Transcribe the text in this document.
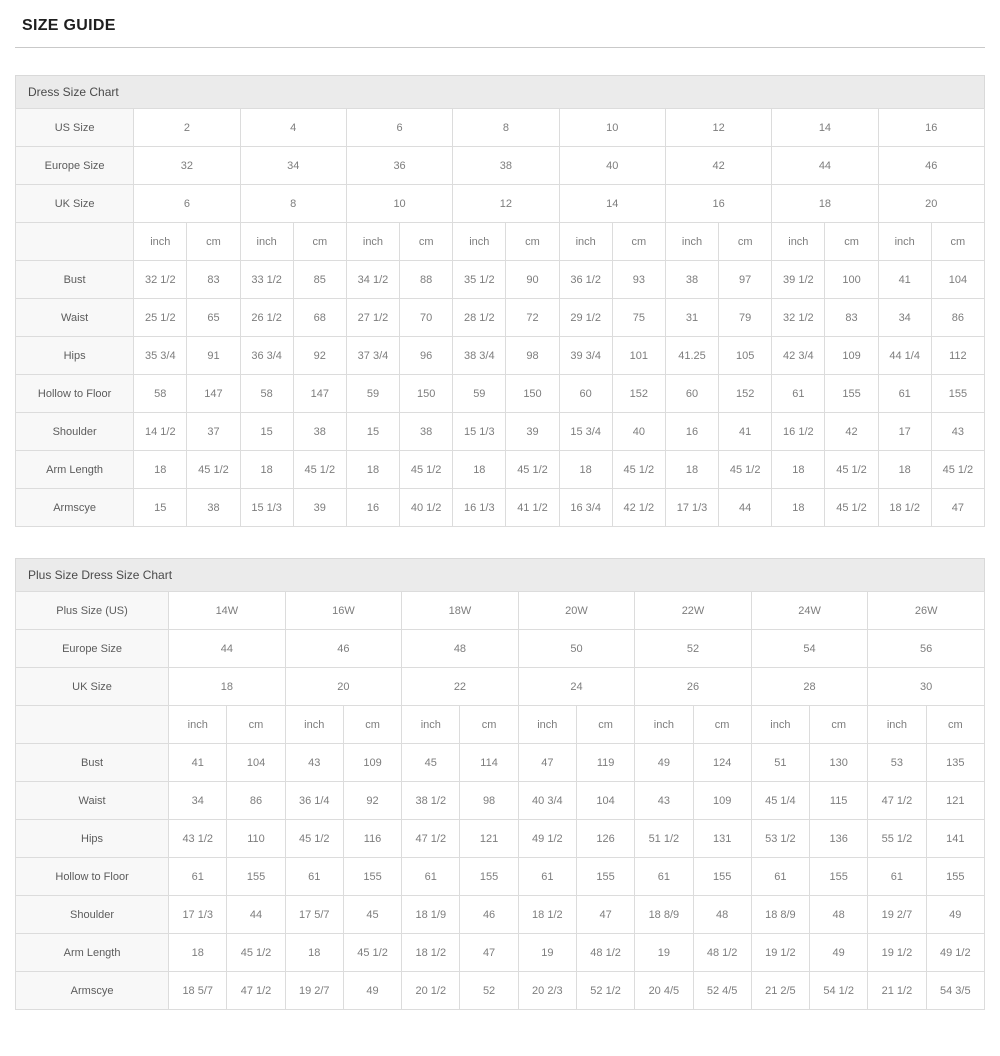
SIZE GUIDE
Dress Size Chart
US Size	2		4		6		8		10		12		14		16	
Europe Size	32		34		36		38		40		42		44		46	
UK Size	6		8		10		12		14		16		18		20	
	inch	cm	inch	cm	inch	cm	inch	cm	inch	cm	inch	cm	inch	cm	inch	cm
Bust	32 1/2	83	33 1/2	85	34 1/2	88	35 1/2	90	36 1/2	93	38	97	39 1/2	100	41	104
Waist	25 1/2	65	26 1/2	68	27 1/2	70	28 1/2	72	29 1/2	75	31	79	32 1/2	83	34	86
Hips	35 3/4	91	36 3/4	92	37 3/4	96	38 3/4	98	39 3/4	101	41.25	105	42 3/4	109	44 1/4	112
Hollow to Floor	58	147	58	147	59	150	59	150	60	152	60	152	61	155	61	155
Shoulder	14 1/2	37	15	38	15	38	15 1/3	39	15 3/4	40	16	41	16 1/2	42	17	43
Arm Length	18	45 1/2	18	45 1/2	18	45 1/2	18	45 1/2	18	45 1/2	18	45 1/2	18	45 1/2	18	45 1/2
Armscye	15	38	15 1/3	39	16	40 1/2	16 1/3	41 1/2	16 3/4	42 1/2	17 1/3	44	18	45 1/2	18 1/2	47
Plus Size Dress Size Chart
Plus Size (US)	14W		16W		18W		20W		22W		24W		26W	
Europe Size	44		46		48		50		52		54		56	
UK Size	18		20		22		24		26		28		30	
	inch	cm	inch	cm	inch	cm	inch	cm	inch	cm	inch	cm	inch	cm
Bust	41	104	43	109	45	114	47	119	49	124	51	130	53	135
Waist	34	86	36 1/4	92	38 1/2	98	40 3/4	104	43	109	45 1/4	115	47 1/2	121
Hips	43 1/2	110	45 1/2	116	47 1/2	121	49 1/2	126	51 1/2	131	53 1/2	136	55 1/2	141
Hollow to Floor	61	155	61	155	61	155	61	155	61	155	61	155	61	155
Shoulder	17 1/3	44	17 5/7	45	18 1/9	46	18 1/2	47	18 8/9	48	18 8/9	48	19 2/7	49
Arm Length	18	45 1/2	18	45 1/2	18 1/2	47	19	48 1/2	19	48 1/2	19 1/2	49	19 1/2	49 1/2
Armscye	18 5/7	47 1/2	19 2/7	49	20 1/2	52	20 2/3	52 1/2	20 4/5	52 4/5	21 2/5	54 1/2	21 1/2	54 3/5
